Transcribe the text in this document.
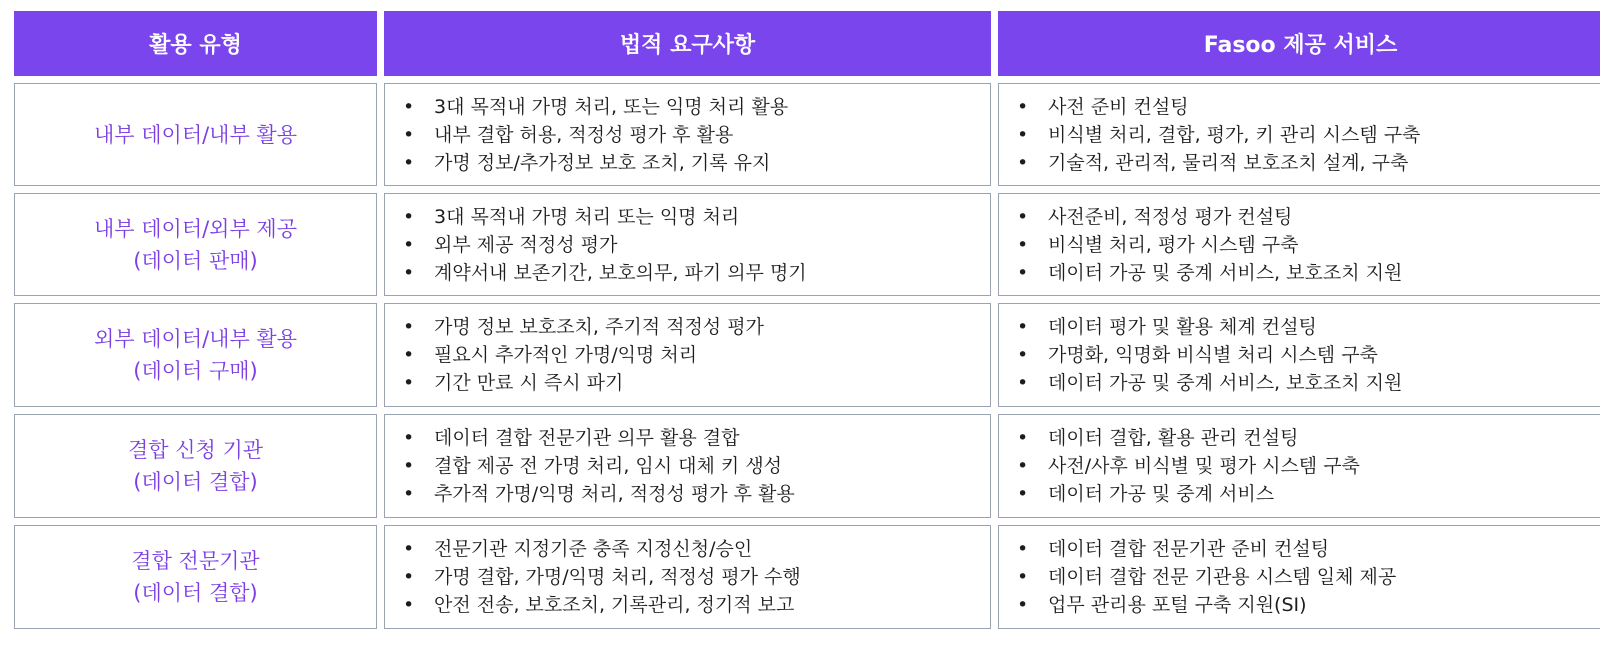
활용 유형	법적 요구사항	Fasoo 제공 서비스
내부 데이터/내부 활용
• 3대 목적내 가명 처리, 또는 익명 처리 활용
• 내부 결합 허용, 적정성 평가 후 활용
• 가명 정보/추가정보 보호 조치, 기록 유지
• 사전 준비 컨설팅
• 비식별 처리, 결합, 평가, 키 관리 시스템 구축
• 기술적, 관리적, 물리적 보호조치 설계, 구축
내부 데이터/외부 제공
(데이터 판매)
• 3대 목적내 가명 처리 또는 익명 처리
• 외부 제공 적정성 평가
• 계약서내 보존기간, 보호의무, 파기 의무 명기
• 사전준비, 적정성 평가 컨설팅
• 비식별 처리, 평가 시스템 구축
• 데이터 가공 및 중계 서비스, 보호조치 지원
외부 데이터/내부 활용
(데이터 구매)
• 가명 정보 보호조치, 주기적 적정성 평가
• 필요시 추가적인 가명/익명 처리
• 기간 만료 시 즉시 파기
• 데이터 평가 및 활용 체계 컨설팅
• 가명화, 익명화 비식별 처리 시스템 구축
• 데이터 가공 및 중계 서비스, 보호조치 지원
결합 신청 기관
(데이터 결합)
• 데이터 결합 전문기관 의무 활용 결합
• 결합 제공 전 가명 처리, 임시 대체 키 생성
• 추가적 가명/익명 처리, 적정성 평가 후 활용
• 데이터 결합, 활용 관리 컨설팅
• 사전/사후 비식별 및 평가 시스템 구축
• 데이터 가공 및 중계 서비스
결합 전문기관
(데이터 결합)
• 전문기관 지정기준 충족 지정신청/승인
• 가명 결합, 가명/익명 처리, 적정성 평가 수행
• 안전 전송, 보호조치, 기록관리, 정기적 보고
• 데이터 결합 전문기관 준비 컨설팅
• 데이터 결합 전문 기관용 시스템 일체 제공
• 업무 관리용 포털 구축 지원(SI)
